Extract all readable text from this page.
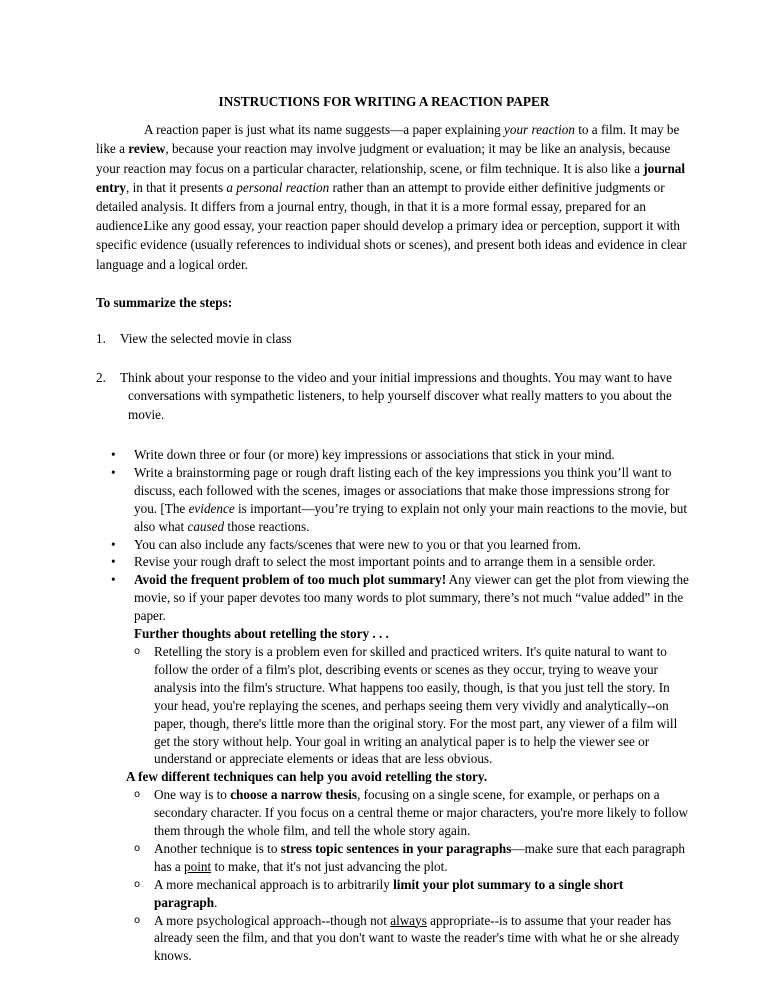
INSTRUCTIONS FOR WRITING A REACTION PAPER
A reaction paper is just what its name suggests—a paper explaining your reaction to a film. It may be like a review, because your reaction may involve judgment or evaluation; it may be like an analysis, because your reaction may focus on a particular character, relationship, scene, or film technique. It is also like a journal entry, in that it presents a personal reaction rather than an attempt to provide either definitive judgments or detailed analysis. It differs from a journal entry, though, in that it is a more formal essay, prepared for an audience.
Like any good essay, your reaction paper should develop a primary idea or perception, support it with specific evidence (usually references to individual shots or scenes), and present both ideas and evidence in clear language and a logical order.
To summarize the steps:
1. View the selected movie in class
2. Think about your response to the video and your initial impressions and thoughts. You may want to have
conversations with sympathetic listeners, to help yourself discover what really matters to you about the movie.
• Write down three or four (or more) key impressions or associations that stick in your mind.
• Write a brainstorming page or rough draft listing each of the key impressions you think you’ll want to discuss, each followed with the scenes, images or associations that make those impressions strong for you. [The evidence is important—you’re trying to explain not only your main reactions to the movie, but also what caused those reactions.
• You can also include any facts/scenes that were new to you or that you learned from.
• Revise your rough draft to select the most important points and to arrange them in a sensible order.
• Avoid the frequent problem of too much plot summary! Any viewer can get the plot from viewing the movie, so if your paper devotes too many words to plot summary, there’s not much “value added” in the paper.
Further thoughts about retelling the story . . .
o Retelling the story is a problem even for skilled and practiced writers. It's quite natural to want to follow the order of a film's plot, describing events or scenes as they occur, trying to weave your analysis into the film's structure. What happens too easily, though, is that you just tell the story. In your head, you're replaying the scenes, and perhaps seeing them very vividly and analytically--on paper, though, there's little more than the original story. For the most part, any viewer of a film will get the story without help. Your goal in writing an analytical paper is to help the viewer see or understand or appreciate elements or ideas that are less obvious.
A few different techniques can help you avoid retelling the story.
o One way is to choose a narrow thesis, focusing on a single scene, for example, or perhaps on a secondary character. If you focus on a central theme or major characters, you're more likely to follow them through the whole film, and tell the whole story again.
o Another technique is to stress topic sentences in your paragraphs—make sure that each paragraph has a point to make, that it's not just advancing the plot.
o A more mechanical approach is to arbitrarily limit your plot summary to a single short paragraph.
o A more psychological approach--though not always appropriate--is to assume that your reader has already seen the film, and that you don't want to waste the reader's time with what he or she already knows.
